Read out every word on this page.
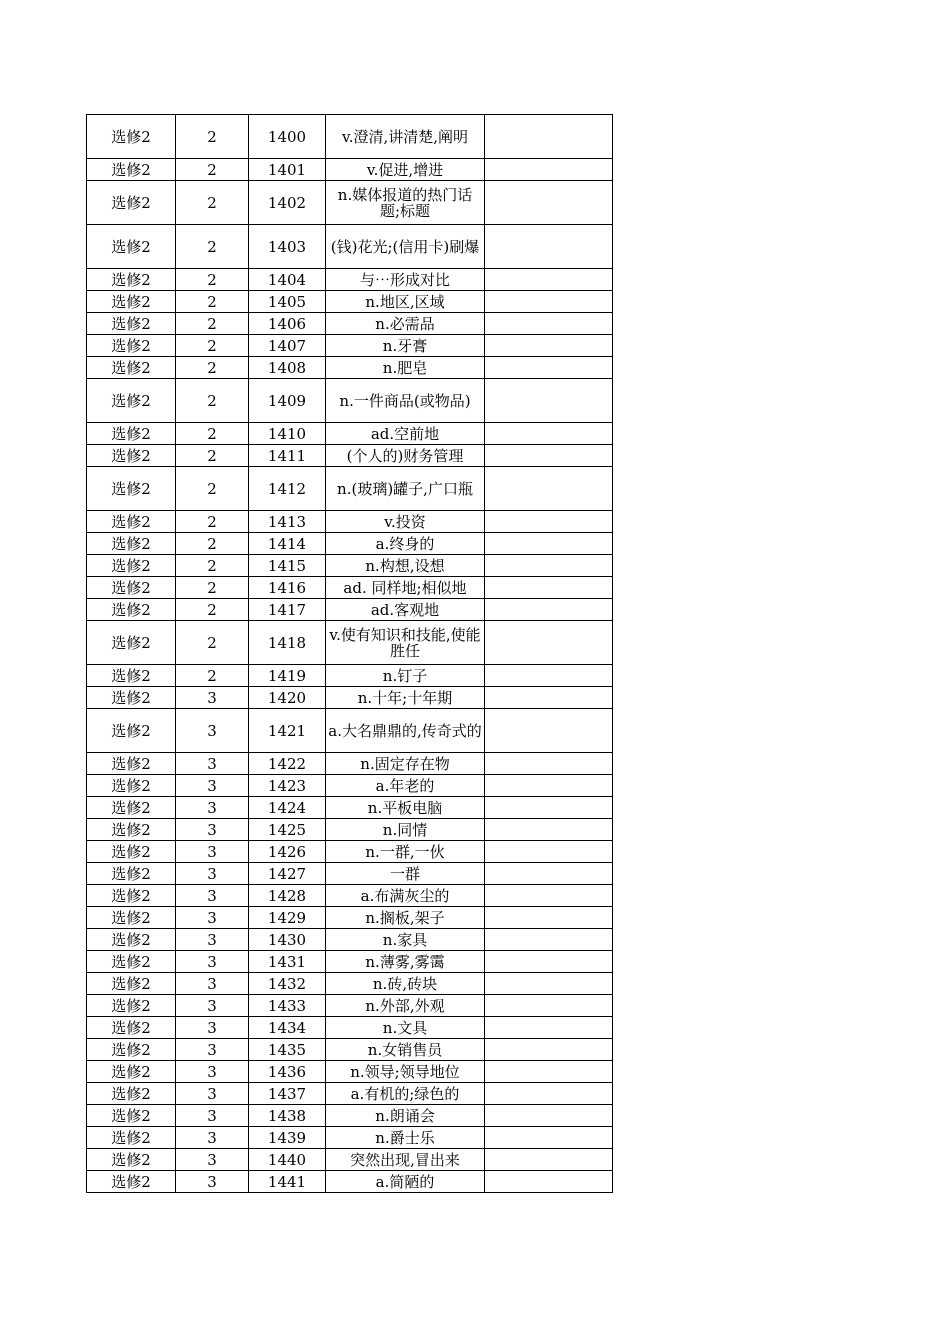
选修2	2	1400	v.澄清,讲清楚,阐明	
选修2	2	1401	v.促进,增进	
选修2	2	1402	n.媒体报道的热门话题;标题	
选修2	2	1403	(钱)花光;(信用卡)刷爆	
选修2	2	1404	与⋯形成对比	
选修2	2	1405	n.地区,区域	
选修2	2	1406	n.必需品	
选修2	2	1407	n.牙膏	
选修2	2	1408	n.肥皂	
选修2	2	1409	n.一件商品(或物品)	
选修2	2	1410	ad.空前地	
选修2	2	1411	(个人的)财务管理	
选修2	2	1412	n.(玻璃)罐子,广口瓶	
选修2	2	1413	v.投资	
选修2	2	1414	a.终身的	
选修2	2	1415	n.构想,设想	
选修2	2	1416	ad. 同样地;相似地	
选修2	2	1417	ad.客观地	
选修2	2	1418	v.使有知识和技能,使能胜任	
选修2	2	1419	n.钉子	
选修2	3	1420	n.十年;十年期	
选修2	3	1421	a.大名鼎鼎的,传奇式的	
选修2	3	1422	n.固定存在物	
选修2	3	1423	a.年老的	
选修2	3	1424	n.平板电脑	
选修2	3	1425	n.同情	
选修2	3	1426	n.一群,一伙	
选修2	3	1427	一群	
选修2	3	1428	a.布满灰尘的	
选修2	3	1429	n.搁板,架子	
选修2	3	1430	n.家具	
选修2	3	1431	n.薄雾,雾霭	
选修2	3	1432	n.砖,砖块	
选修2	3	1433	n.外部,外观	
选修2	3	1434	n.文具	
选修2	3	1435	n.女销售员	
选修2	3	1436	n.领导;领导地位	
选修2	3	1437	a.有机的;绿色的	
选修2	3	1438	n.朗诵会	
选修2	3	1439	n.爵士乐	
选修2	3	1440	突然出现,冒出来	
选修2	3	1441	a.简陋的	
